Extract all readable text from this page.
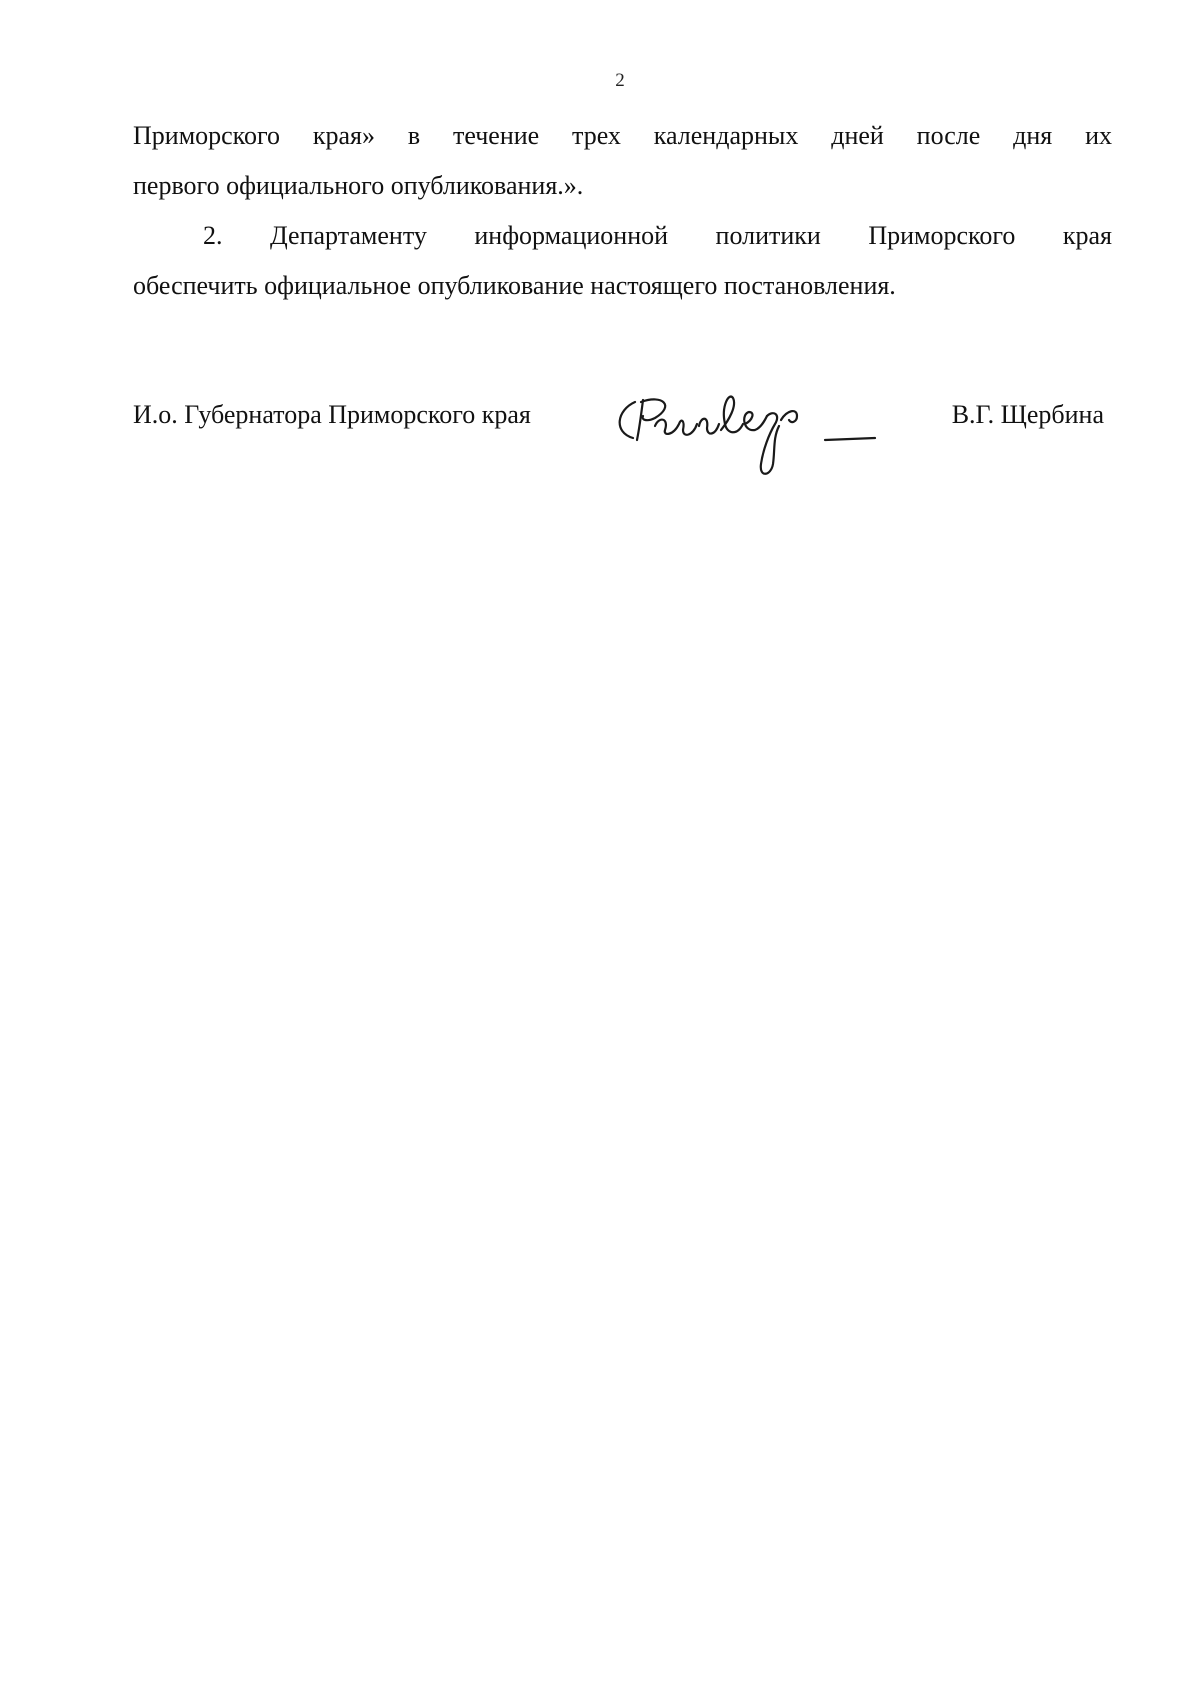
2
Приморского края» в течение трех календарных дней после дня их
первого официального опубликования.».
2. Департаменту информационной политики Приморского края
обеспечить официальное опубликование настоящего постановления.
И.о. Губернатора Приморского края	В.Г. Щербина
